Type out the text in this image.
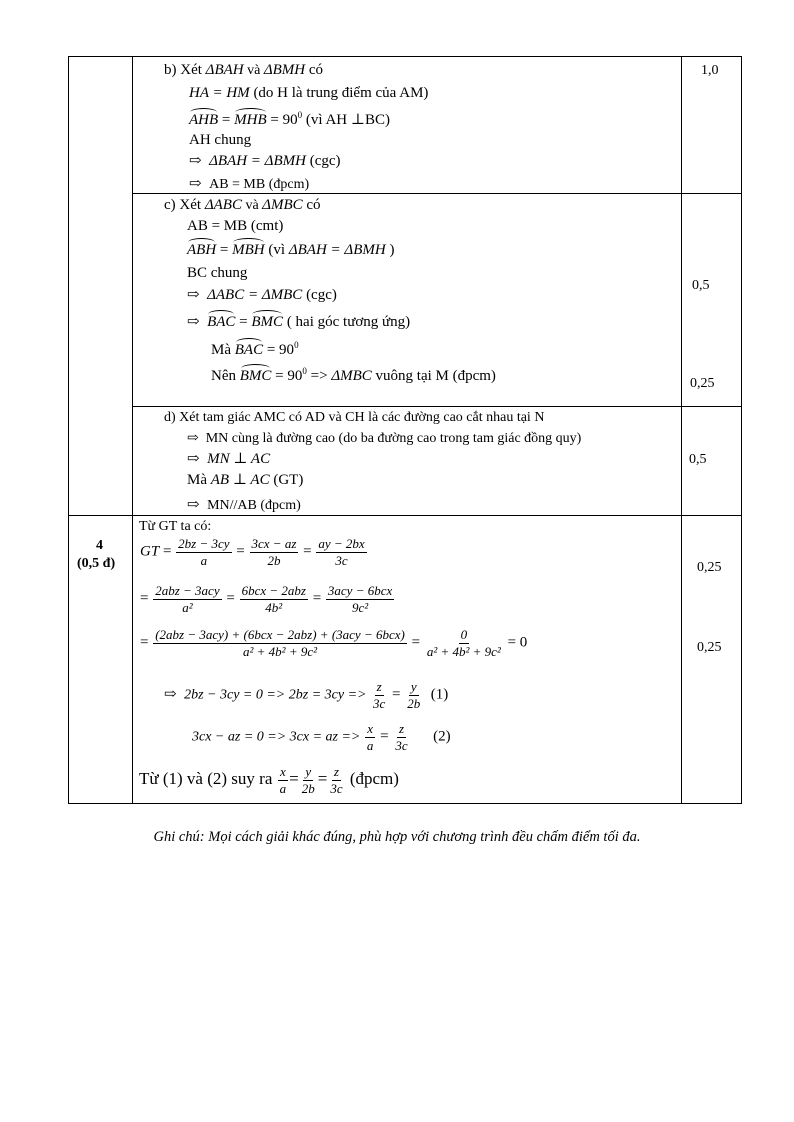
b) Xét ΔBAH và ΔBMH có
HA = HM (do H là trung điểm của AM)
AHB = MHB = $90^0$ (vì AH ⊥BC)
AH chung
⇨ ΔBAH = ΔBMH (cgc)
⇨ AB = MB (đpcm)
1,0
c) Xét ΔABC và ΔMBC có
AB = MB (cmt)
ABH = MBH (vì ΔBAH = ΔBMH )
BC chung
⇨ ΔABC = ΔMBC (cgc)
⇨ BAC = BMC ( hai góc tương ứng)
Mà BAC = $90^0$
Nên BMC = $90^0 => \Delta MBC$ vuông tại M (đpcm)
0,5
0,25
d) Xét tam giác AMC có AD và CH là các đường cao cắt nhau tại N
⇨ MN cùng là đường cao (do ba đường cao trong tam giác đồng quy)
⇨ MN ⊥ AC
Mà AB ⊥ AC (GT)
⇨ MN//AB (đpcm)
0,5
4
(0,5 đ)
Từ GT ta có:
GT = $\frac{2bz - 3cy}{a} = \frac{3cx - az}{2b} = \frac{ay - 2bx}{3c}$
= $\frac{\text{2abz − 3acy}}{\text{a²}} = \frac{\text{6bcx − 2abz}}{\text{4b²}} = \frac{\text{3acy − 6bcx}}{\text{9c²}}$
= $\frac{\text{(2abz − 3acy) + (6bcx − 2abz) + (3acy − 6bcx)}}{\text{a² + 4b² + 9c²}} = \frac{0}{\text{a² + 4b² + 9c²}} = 0$
⇨ $2bz - 3cy = 0 => 2bz = 3cy => \frac{z}{3c} = \frac{y}{2b} (1)$
3cx − az = 0 => 3cx = az => $\frac{x}{a} = \frac{z}{3c} (2)$
Từ (1) và (2) suy ra $\frac{x}{a} = \frac{y}{2b} = \frac{z}{3c}$ (đpcm)
0,25
0,25
Ghi chú: Mọi cách giải khác đúng, phù hợp với chương trình đều chấm điểm tối đa.
